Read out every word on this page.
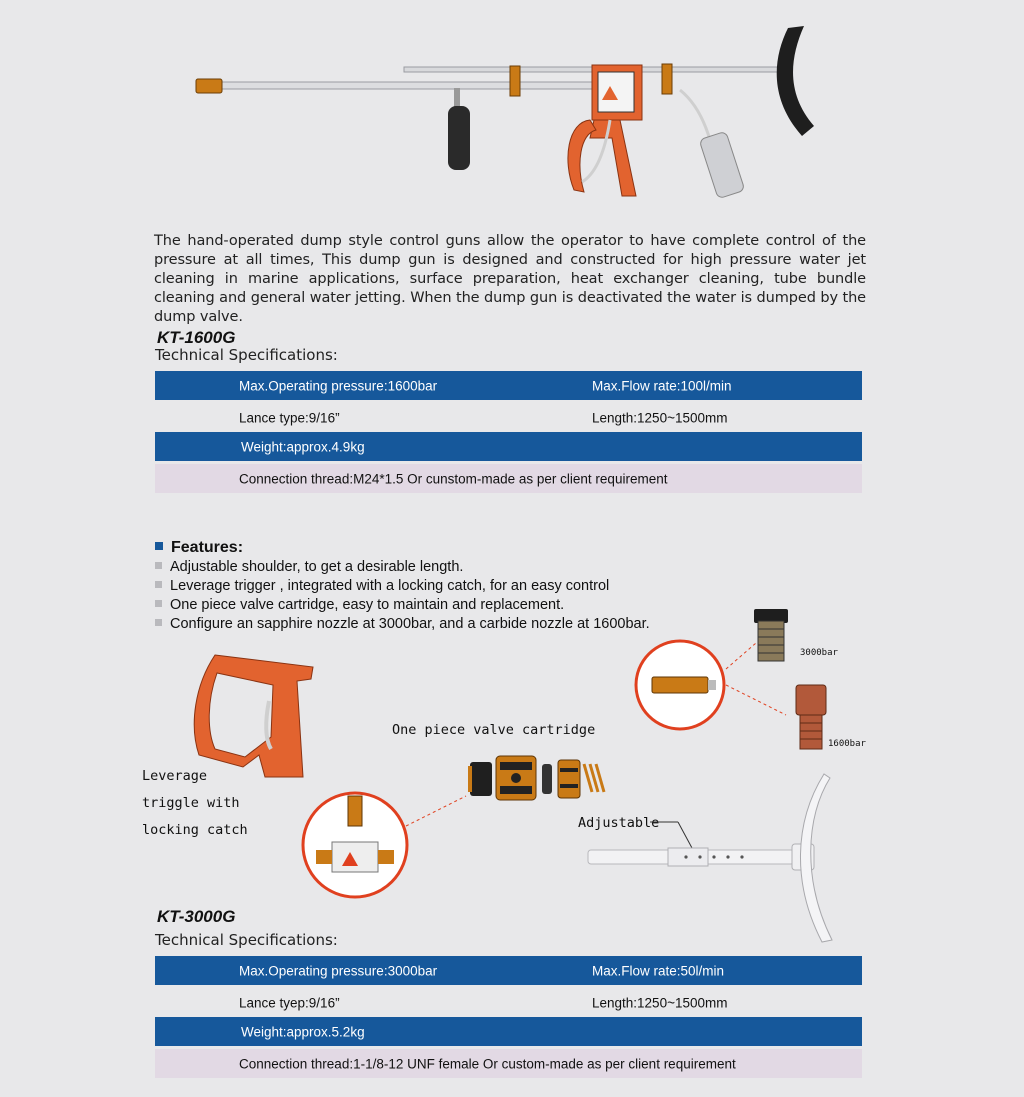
The hand-operated dump style control guns allow the operator to have complete control of the pressure at all times, This dump gun is designed and constructed for high pressure water jet cleaning in marine applications, surface preparation, heat exchanger cleaning, tube bundle cleaning and general water jetting. When the dump gun is deactivated the water is dumped by the dump valve.
KT-1600G
Technical Specifications:
Max.Operating pressure:1600bar	Max.Flow rate:100l/min
Lance type:9/16”	Length:1250~1500mm
Weight:approx.4.9kg
Connection thread:M24*1.5 Or cunstom-made as per client requirement
Features:
Adjustable shoulder, to get a desirable length.
Leverage trigger , integrated with a locking catch, for an easy control
One piece valve cartridge, easy to maintain and replacement.
Configure an sapphire nozzle at 3000bar, and a carbide nozzle at 1600bar.
Leverage
triggle with
locking catch
One piece valve cartridge
3000bar
1600bar
Adjustable
KT-3000G
Technical Specifications:
Max.Operating pressure:3000bar	Max.Flow rate:50l/min
Lance tyep:9/16”	Length:1250~1500mm
Weight:approx.5.2kg
Connection thread:1-1/8-12 UNF female Or custom-made as per client requirement
